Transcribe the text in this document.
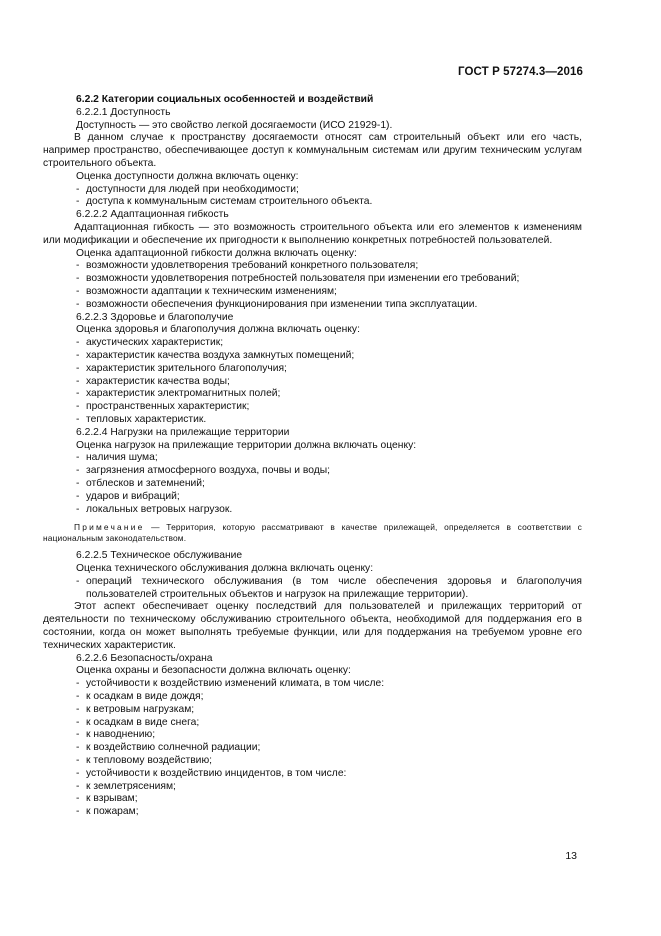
ГОСТ Р 57274.3—2016

6.2.2 Категории социальных особенностей и воздействий

6.2.2.1 Доступность

Доступность — это свойство легкой досягаемости (ИСО 21929-1).

В данном случае к пространству досягаемости относят сам строительный объект или его часть, например пространство, обеспечивающее доступ к коммунальным системам или другим техническим услугам строительного объекта.

Оценка доступности должна включать оценку:

- доступности для людей при необходимости;
- доступа к коммунальным системам строительного объекта.

6.2.2.2 Адаптационная гибкость

Адаптационная гибкость — это возможность строительного объекта или его элементов к изменениям или модификации и обеспечение их пригодности к выполнению конкретных потребностей пользователей.

Оценка адаптационной гибкости должна включать оценку:

- возможности удовлетворения требований конкретного пользователя;
- возможности удовлетворения потребностей пользователя при изменении его требований;
- возможности адаптации к техническим изменениям;
- возможности обеспечения функционирования при изменении типа эксплуатации.

6.2.2.3 Здоровье и благополучие

Оценка здоровья и благополучия должна включать оценку:

- акустических характеристик;
- характеристик качества воздуха замкнутых помещений;
- характеристик зрительного благополучия;
- характеристик качества воды;
- характеристик электромагнитных полей;
- пространственных характеристик;
- тепловых характеристик.

6.2.2.4 Нагрузки на прилежащие территории

Оценка нагрузок на прилежащие территории должна включать оценку:

- наличия шума;
- загрязнения атмосферного воздуха, почвы и воды;
- отблесков и затемнений;
- ударов и вибраций;
- локальных ветровых нагрузок.

Примечание — Территория, которую рассматривают в качестве прилежащей, определяется в соответствии с национальным законодательством.

6.2.2.5 Техническое обслуживание

Оценка технического обслуживания должна включать оценку:

- операций технического обслуживания (в том числе обеспечения здоровья и благополучия пользователей строительных объектов и нагрузок на прилежащие территории).

Этот аспект обеспечивает оценку последствий для пользователей и прилежащих территорий от деятельности по техническому обслуживанию строительного объекта, необходимой для поддержания его в состоянии, когда он может выполнять требуемые функции, или для поддержания на требуемом уровне его технических характеристик.

6.2.2.6 Безопасность/охрана

Оценка охраны и безопасности должна включать оценку:

- устойчивости к воздействию изменений климата, в том числе:
- к осадкам в виде дождя;
- к ветровым нагрузкам;
- к осадкам в виде снега;
- к наводнению;
- к воздействию солнечной радиации;
- к тепловому воздействию;
- устойчивости к воздействию инцидентов, в том числе:
- к землетрясениям;
- к взрывам;
- к пожарам;
13
